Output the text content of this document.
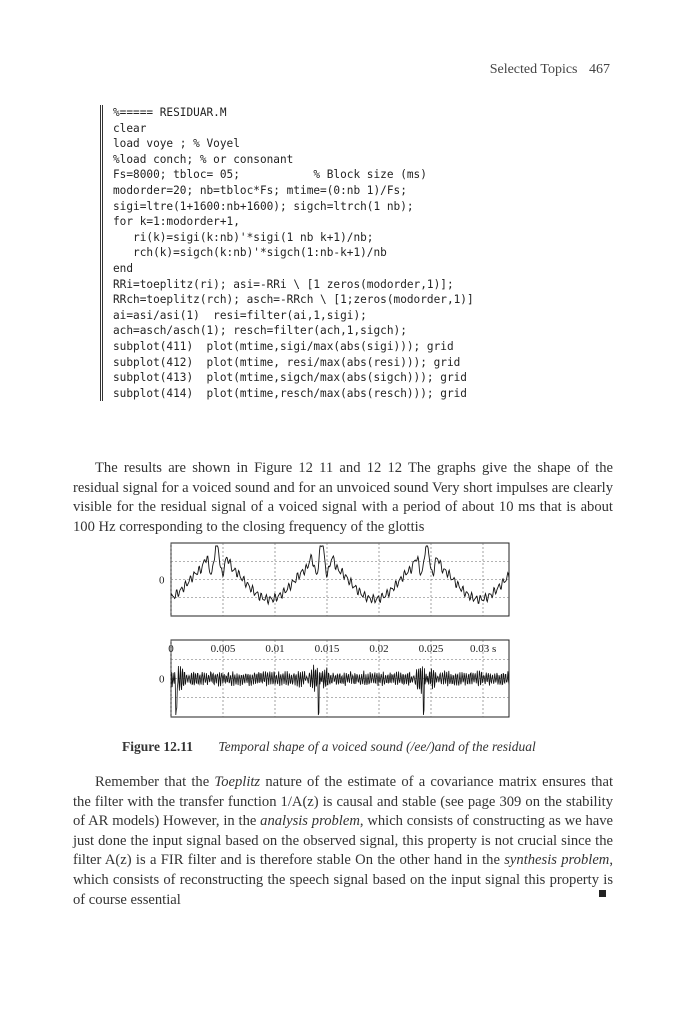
Selected Topics 467
%===== RESIDUAR.M
clear
load voye ; % Voyel
%load conch; % or consonant
Fs=8000; tbloc= 05;           % Block size (ms)
modorder=20; nb=tbloc*Fs; mtime=(0:nb 1)/Fs;
sigi=ltre(1+1600:nb+1600); sigch=ltrch(1 nb);
for k=1:modorder+1,
ri(k)=sigi(k:nb)'*sigi(1 nb k+1)/nb;
rch(k)=sigch(k:nb)'*sigch(1:nb-k+1)/nb
end
RRi=toeplitz(ri); asi=-RRi \ [1 zeros(modorder,1)];
RRch=toeplitz(rch); asch=-RRch \ [1;zeros(modorder,1)]
ai=asi/asi(1)  resi=filter(ai,1,sigi);
ach=asch/asch(1); resch=filter(ach,1,sigch);
subplot(411)  plot(mtime,sigi/max(abs(sigi))); grid
subplot(412)  plot(mtime, resi/max(abs(resi))); grid
subplot(413)  plot(mtime,sigch/max(abs(sigch))); grid
subplot(414)  plot(mtime,resch/max(abs(resch))); grid

The results are shown in Figure 12 11 and 12 12 The graphs give the shape of the residual signal for a voiced sound and for an unvoiced sound Very short impulses are clearly visible for the residual signal of a voiced signal with a period of about 10 ms that is about 100 Hz corresponding to the closing frequency of the glottis

0
0	0.005	0.01	0.015	0.02	0.025 0.03 s
0
Figure 12.11 Temporal shape of a voiced sound (/ee/)and of the residual

Remember that the Toeplitz nature of the estimate of a covariance matrix ensures that the filter with the transfer function 1/A(z) is causal and stable (see page 309 on the stability of AR models) However, in the analysis problem, which consists of constructing as we have just done the input signal based on the observed signal, this property is not crucial since the filter A(z) is a FIR filter and is therefore stable On the other hand in the synthesis problem, which consists of reconstructing the speech signal based on the input signal this property is of course essential
